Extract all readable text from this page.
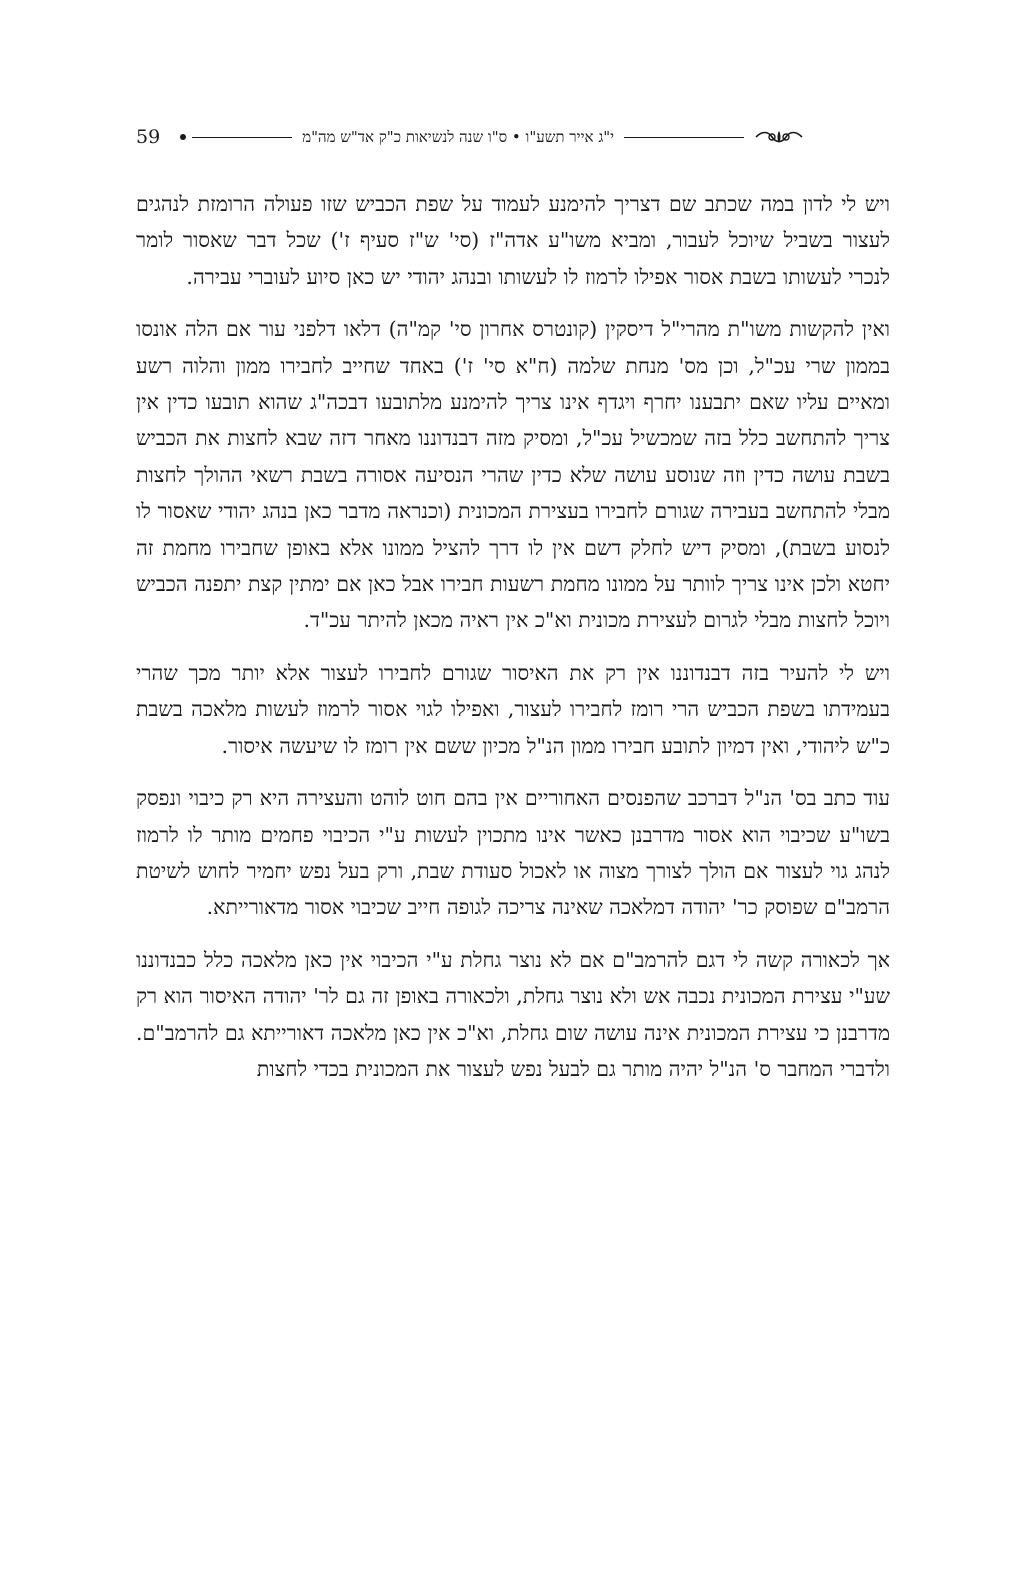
59	י"ג אייר תשע"ו • ס"ו שנה לנשיאות כ"ק אד"ש מה"מ

ויש לי לדון במה שכתב שם דצריך להימנע לעמוד על שפת הכביש שזו פעולה הרומזת לנהגים לעצור בשביל שיוכל לעבור, ומביא משו"ע אדה"ז (סי' ש"ז סעיף ז') שכל דבר שאסור לומר לנכרי לעשותו בשבת אסור אפילו לרמוז לו לעשותו ובנהג יהודי יש כאן סיוע לעוברי עבירה.

ואין להקשות משו"ת מהרי"ל דיסקין (קונטרס אחרון סי' קמ"ה) דלאו דלפני עור אם הלה אונסו בממון שרי עכ"ל, וכן מס' מנחת שלמה (ח"א סי' ז') באחד שחייב לחבירו ממון והלוה רשע ומאיים עליו שאם יתבענו יחרף ויגדף אינו צריך להימנע מלתובעו דבכה"ג שהוא תובעו כדין אין צריך להתחשב כלל בזה שמכשיל עכ"ל, ומסיק מזה דבנדוננו מאחר דזה שבא לחצות את הכביש בשבת עושה כדין וזה שנוסע עושה שלא כדין שהרי הנסיעה אסורה בשבת רשאי ההולך לחצות מבלי להתחשב בעבירה שגורם לחבירו בעצירת המכונית (וכנראה מדבר כאן בנהג יהודי שאסור לו לנסוע בשבת), ומסיק דיש לחלק דשם אין לו דרך להציל ממונו אלא באופן שחבירו מחמת זה יחטא ולכן אינו צריך לוותר על ממונו מחמת רשעות חבירו אבל כאן אם ימתין קצת יתפנה הכביש ויוכל לחצות מבלי לגרום לעצירת מכונית וא"כ אין ראיה מכאן להיתר עכ"ד.

ויש לי להעיר בזה דבנדוננו אין רק את האיסור שגורם לחבירו לעצור אלא יותר מכך שהרי בעמידתו בשפת הכביש הרי רומז לחבירו לעצור, ואפילו לגוי אסור לרמוז לעשות מלאכה בשבת כ"ש ליהודי, ואין דמיון לתובע חבירו ממון הנ"ל מכיון ששם אין רומז לו שיעשה איסור.

עוד כתב בס' הנ"ל דברכב שהפנסים האחוריים אין בהם חוט לוהט והעצירה היא רק כיבוי ונפסק בשו"ע שכיבוי הוא אסור מדרבנן כאשר אינו מתכוין לעשות ע"י הכיבוי פחמים מותר לו לרמוז לנהג גוי לעצור אם הולך לצורך מצוה או לאכול סעודת שבת, ורק בעל נפש יחמיר לחוש לשיטת הרמב"ם שפוסק כר' יהודה דמלאכה שאינה צריכה לגופה חייב שכיבוי אסור מדאורייתא.

אך לכאורה קשה לי דגם להרמב"ם אם לא נוצר גחלת ע"י הכיבוי אין כאן מלאכה כלל כבנדוננו שע"י עצירת המכונית נכבה אש ולא נוצר גחלת, ולכאורה באופן זה גם לר' יהודה האיסור הוא רק מדרבנן כי עצירת המכונית אינה עושה שום גחלת, וא"כ אין כאן מלאכה דאורייתא גם להרמב"ם. ולדברי המחבר ס' הנ"ל יהיה מותר גם לבעל נפש לעצור את המכונית בכדי לחצות
